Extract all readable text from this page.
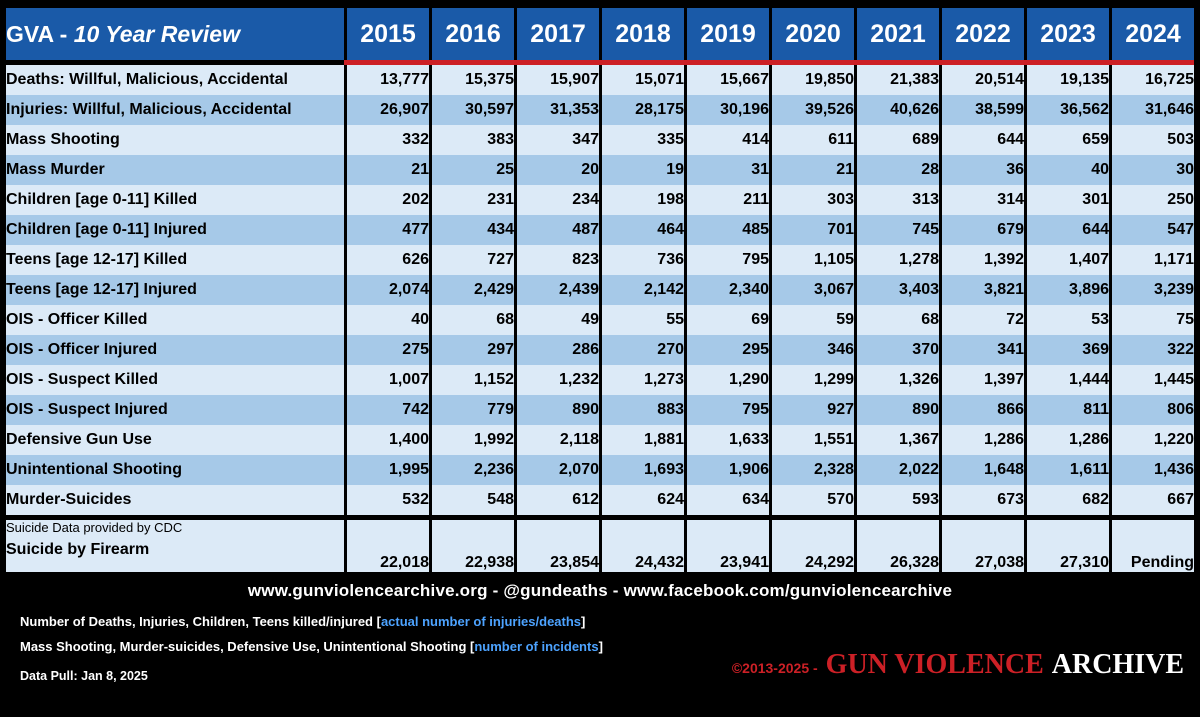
GVA - 10 Year Review	2015	2016	2017	2018	2019	2020	2021	2022	2023	2024

Deaths: Willful, Malicious, Accidental	13,777	15,375	15,907	15,071	15,667	19,850	21,383	20,514	19,135	16,725
Injuries: Willful, Malicious, Accidental	26,907	30,597	31,353	28,175	30,196	39,526	40,626	38,599	36,562	31,646
Mass Shooting	332	383	347	335	414	611	689	644	659	503
Mass Murder	21	25	20	19	31	21	28	36	40	30
Children [age 0-11] Killed	202	231	234	198	211	303	313	314	301	250
Children [age 0-11] Injured	477	434	487	464	485	701	745	679	644	547
Teens [age 12-17] Killed	626	727	823	736	795	1,105	1,278	1,392	1,407	1,171
Teens [age 12-17] Injured	2,074	2,429	2,439	2,142	2,340	3,067	3,403	3,821	3,896	3,239
OIS - Officer Killed	40	68	49	55	69	59	68	72	53	75
OIS - Officer Injured	275	297	286	270	295	346	370	341	369	322
OIS - Suspect Killed	1,007	1,152	1,232	1,273	1,290	1,299	1,326	1,397	1,444	1,445
OIS - Suspect Injured	742	779	890	883	795	927	890	866	811	806
Defensive Gun Use	1,400	1,992	2,118	1,881	1,633	1,551	1,367	1,286	1,286	1,220
Unintentional Shooting	1,995	2,236	2,070	1,693	1,906	2,328	2,022	1,648	1,611	1,436
Murder-Suicides	532	548	612	624	634	570	593	673	682	667

Suicide Data provided by CDC
Suicide by Firearm	22,018	22,938	23,854	24,432	23,941	24,292	26,328	27,038	27,310	Pending
www.gunviolencearchive.org - @gundeaths - www.facebook.com/gunviolencearchive
Number of Deaths, Injuries, Children, Teens killed/injured [actual number of injuries/deaths]
Mass Shooting, Murder-suicides, Defensive Use, Unintentional Shooting [number of incidents]
Data Pull: Jan 8, 2025	©2013-2025 - GUN VIOLENCE ARCHIVE
